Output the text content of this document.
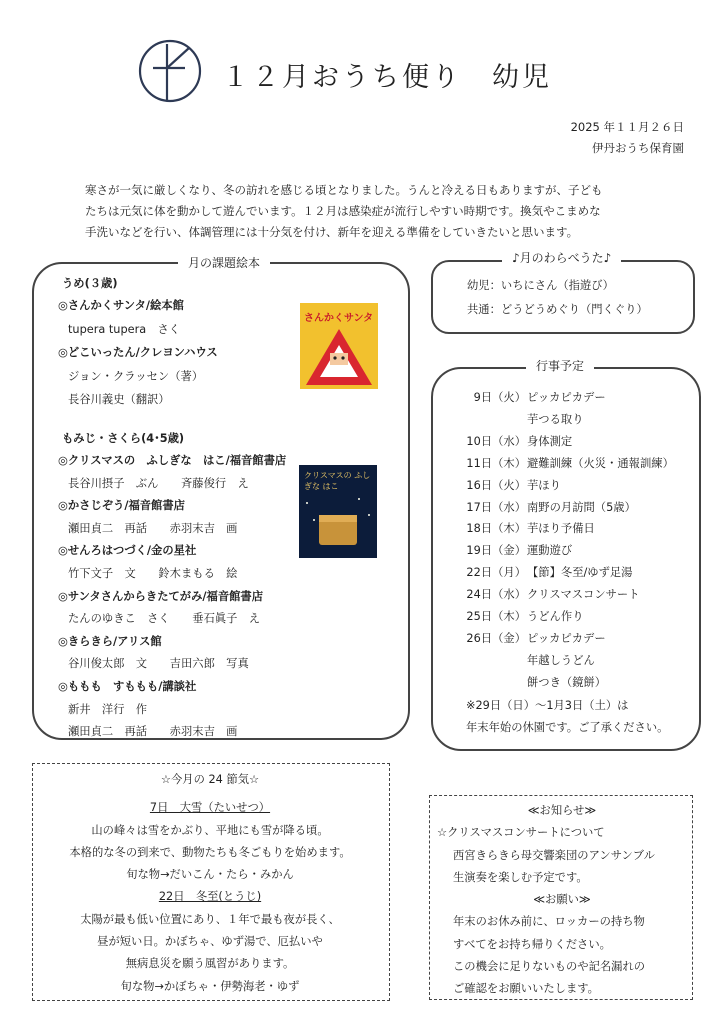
１２月おうち便り　幼児
2025 年１１月２６日
伊丹おうち保育園
寒さが一気に厳しくなり、冬の訪れを感じる頃となりました。うんと冷える日もありますが、子ども
たちは元気に体を動かして遊んでいます。１２月は感染症が流行しやすい時期です。換気やこまめな
手洗いなどを行い、体調管理には十分気を付け、新年を迎える準備をしていきたいと思います。
月の課題絵本
うめ(３歳)
◎さんかくサンタ/絵本館
tupera tupera　さく
◎どこいったん/クレヨンハウス
ジョン・クラッセン（著）
長谷川義史（翻訳）
もみじ・さくら(4･5歳)
◎クリスマスの　ふしぎな　はこ/福音館書店
長谷川摂子　ぶん　　斉藤俊行　え
◎かさじぞう/福音館書店
瀬田貞二　再話　　赤羽末吉　画
◎せんろはつづく/金の星社
竹下文子　文　　鈴木まもる　絵
◎サンタさんからきたてがみ/福音館書店
たんのゆきこ　さく　　垂石眞子　え
◎きらきら/アリス館
谷川俊太郎　文　　吉田六郎　写真
◎ももも　すももも/講談社
新井　洋行　作
瀬田貞二　再話　　赤羽末吉　画
さんかくサンタ
クリスマスの ふしぎな はこ
♪月のわらべうた♪
幼児：いちにさん（指遊び）
共通：どうどうめぐり（門くぐり）
行事予定
9日（火） ピッカピカデー
芋つる取り
10日（水） 身体測定
11日（木） 避難訓練（火災・通報訓練）
16日（火） 芋ほり
17日（水） 南野の月訪問（5歳）
18日（木） 芋ほり予備日
19日（金） 運動遊び
22日（月） 【節】冬至/ゆず足湯
24日（水） クリスマスコンサート
25日（木） うどん作り
26日（金） ピッカピカデー
年越しうどん
餅つき（鏡餅）
※29日（日）～1月3日（土）は
年末年始の休園です。ご了承ください。
☆今月の 24 節気☆
7日　大雪（たいせつ）
山の峰々は雪をかぶり、平地にも雪が降る頃。
本格的な冬の到来で、動物たちも冬ごもりを始めます。
旬な物→だいこん・たら・みかん
22日　冬至(とうじ)
太陽が最も低い位置にあり、１年で最も夜が長く、
昼が短い日。かぼちゃ、ゆず湯で、厄払いや
無病息災を願う風習があります。
旬な物→かぼちゃ・伊勢海老・ゆず
≪お知らせ≫
☆クリスマスコンサートについて
西宮きらきら母交響楽団のアンサンブル
生演奏を楽しむ予定です。
≪お願い≫
年末のお休み前に、ロッカーの持ち物
すべてをお持ち帰りください。
この機会に足りないものや記名漏れの
ご確認をお願いいたします。
